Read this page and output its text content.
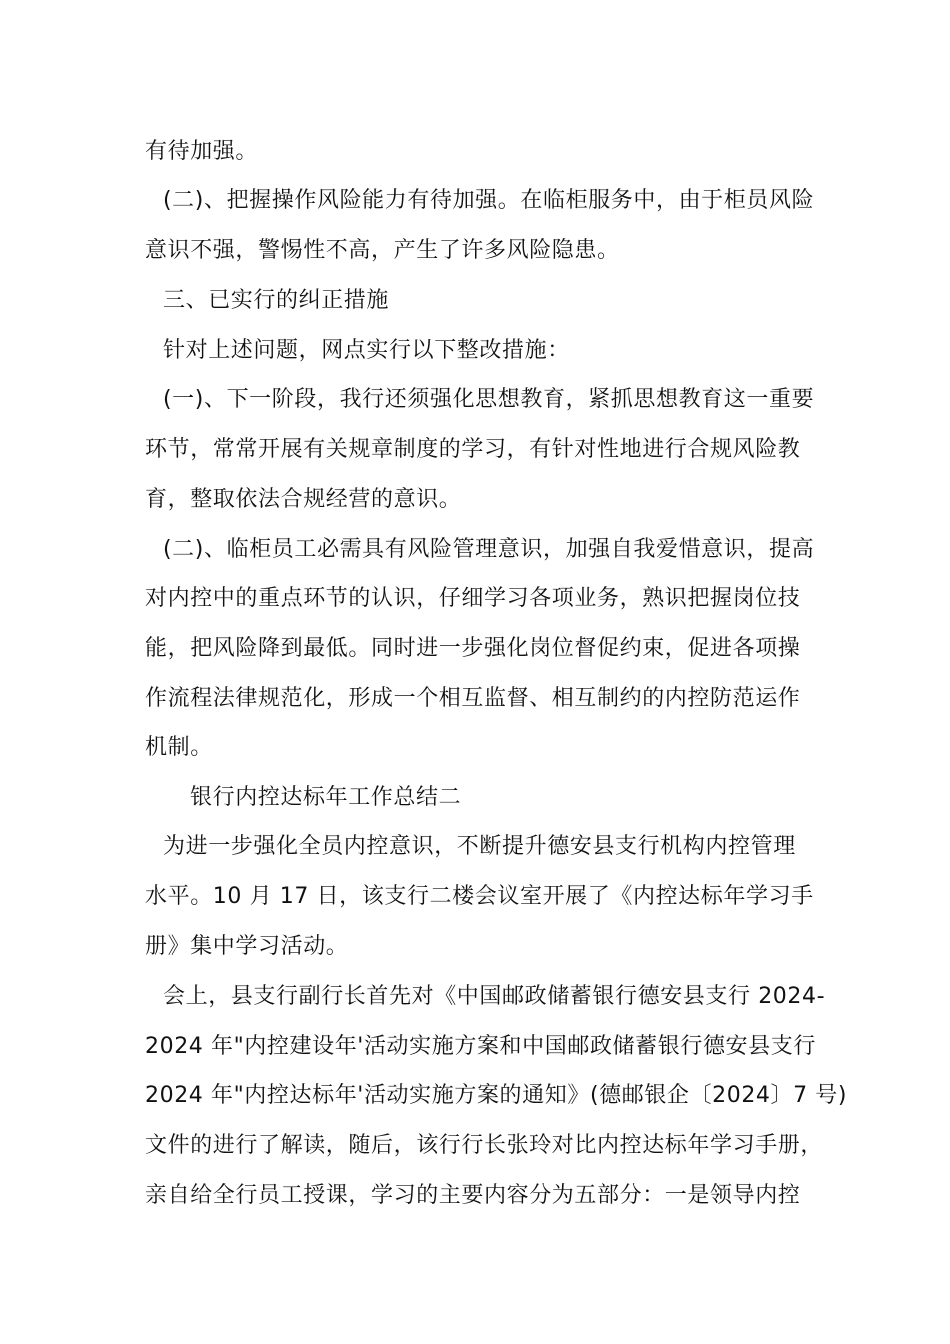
有待加强。
(二)、把握操作风险能力有待加强。在临柜服务中，由于柜员风险
意识不强，警惕性不高，产生了许多风险隐患。
三、已实行的纠正措施
针对上述问题，网点实行以下整改措施：
(一)、下一阶段，我行还须强化思想教育，紧抓思想教育这一重要
环节，常常开展有关规章制度的学习，有针对性地进行合规风险教
育，整取依法合规经营的意识。
(二)、临柜员工必需具有风险管理意识，加强自我爱惜意识，提高
对内控中的重点环节的认识，仔细学习各项业务，熟识把握岗位技
能，把风险降到最低。同时进一步强化岗位督促约束，促进各项操
作流程法律规范化，形成一个相互监督、相互制约的内控防范运作
机制。
银行内控达标年工作总结二
为进一步强化全员内控意识，不断提升德安县支行机构内控管理
水平。10 月 17 日，该支行二楼会议室开展了《内控达标年学习手
册》集中学习活动。
会上，县支行副行长首先对《中国邮政储蓄银行德安县支行 2024-
2024 年"内控建设年'活动实施方案和中国邮政储蓄银行德安县支行
2024 年"内控达标年'活动实施方案的通知》(德邮银企〔2024〕7 号)
文件的进行了解读，随后，该行行长张玲对比内控达标年学习手册，
亲自给全行员工授课，学习的主要内容分为五部分：一是领导内控
